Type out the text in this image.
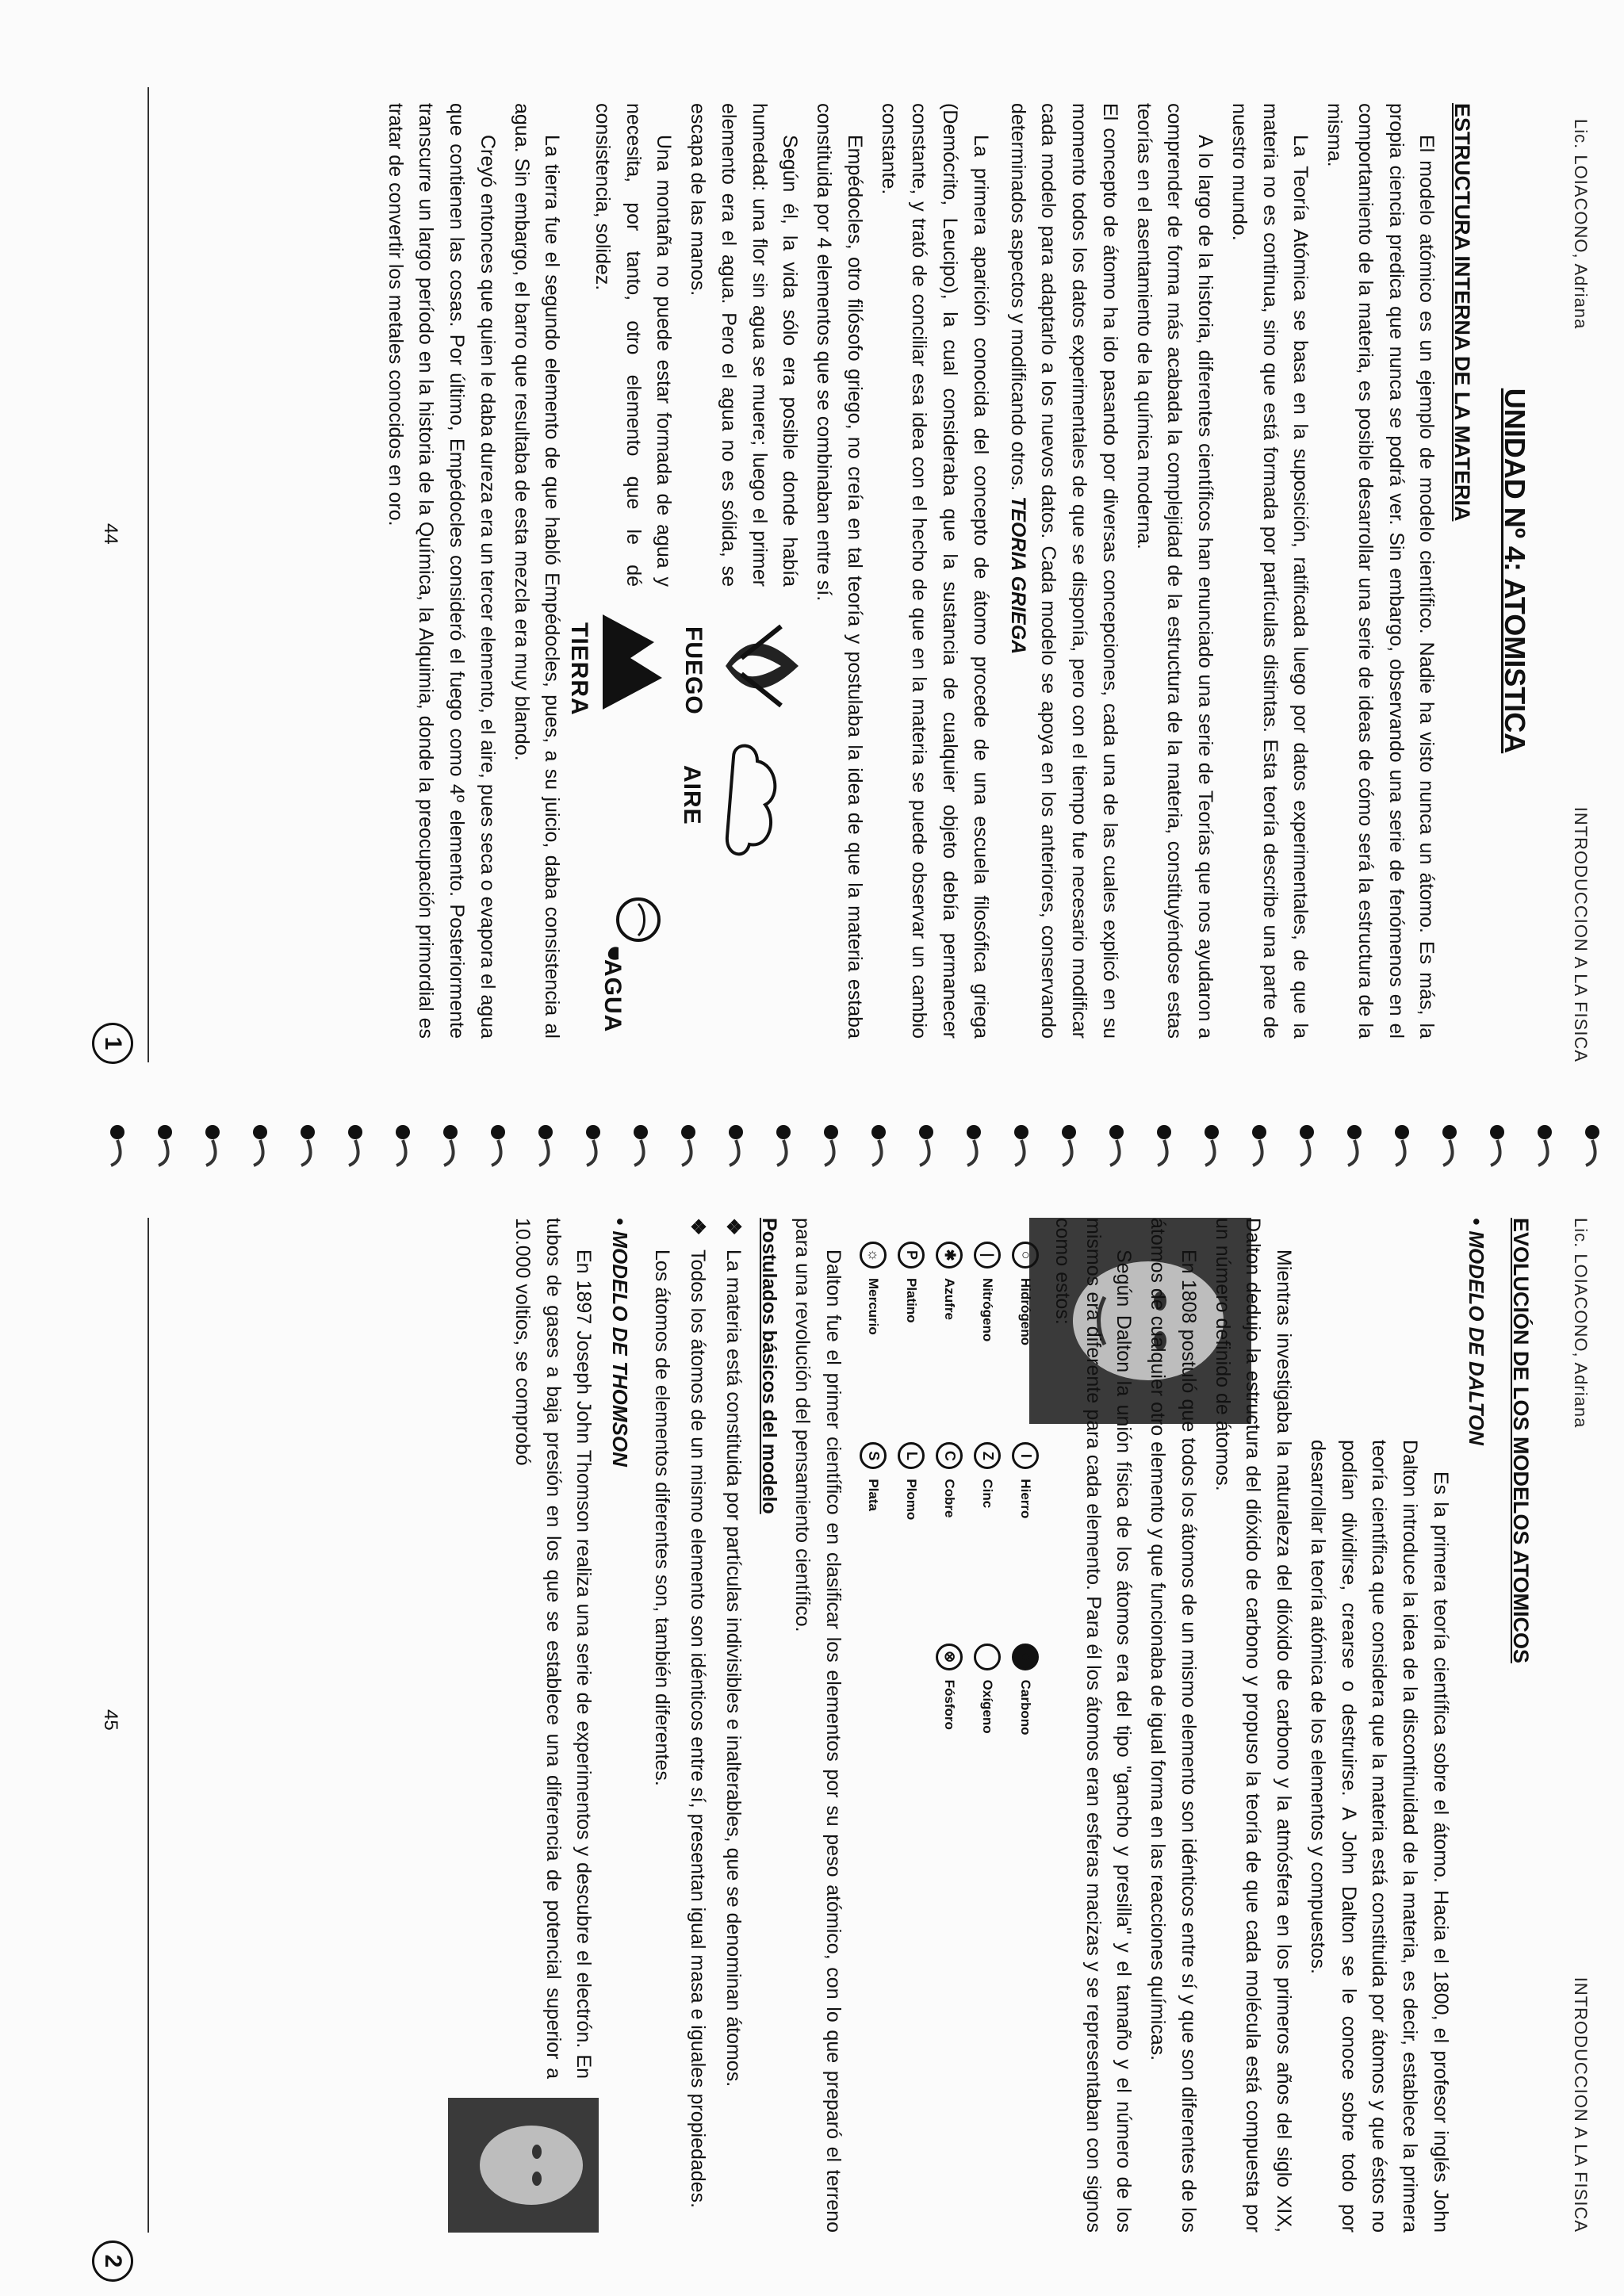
Lic. LOIACONO, Adriana
INTRODUCCION A LA FISICA
UNIDAD Nº 4: ATOMISTICA
ESTRUCTURA INTERNA DE LA MATERIA

El modelo atómico es un ejemplo de modelo científico. Nadie ha visto nunca un átomo. Es más, la propia ciencia predica que nunca se podrá ver. Sin embargo, observando una serie de fenómenos en el comportamiento de la materia, es posible desarrollar una serie de ideas de cómo será la estructura de la misma.

La Teoría Atómica se basa en la suposición, ratificada luego por datos experimentales, de que la materia no es continua, sino que está formada por partículas distintas. Esta teoría describe una parte de nuestro mundo.

A lo largo de la historia, diferentes científicos han enunciado una serie de Teorías que nos ayudaron a comprender de forma más acabada la complejidad de la estructura de la materia, constituyéndose estas teorías en el asentamiento de la química moderna.

El concepto de átomo ha ido pasando por diversas concepciones, cada una de las cuales explicó en su momento todos los datos experimentales de que se disponía, pero con el tiempo fue necesario modificar cada modelo para adaptarlo a los nuevos datos. Cada modelo se apoya en los anteriores, conservando determinados aspectos y modificando otros.

TEORIA GRIEGA

La primera aparición conocida del concepto de átomo procede de una escuela filosófica griega (Demócrito, Leucipo), la cual consideraba que la sustancia de cualquier objeto debía permanecer constante, y trató de conciliar esa idea con el hecho de que en la materia se puede observar un cambio constante.

Empédocles, otro filósofo griego, no creía en tal teoría y postulaba la idea de que la materia estaba constituida por 4 elementos que se combinaban entre sí.

Según él, la vida sólo era posible donde había humedad: una flor sin agua se muere; luego el primer elemento era el agua. Pero el agua no es sólida, se escapa de las manos.

Una montaña no puede estar formada de agua y necesita, por tanto, otro elemento que le dé consistencia, solidez.

FUEGO
AIRE
TIERRA
AGUA

La tierra fue el segundo elemento de que habló Empédocles, pues, a su juicio, daba consistencia al agua. Sin embargo, el barro que resultaba de esta mezcla era muy blando.

Creyó entonces que quien le daba dureza era un tercer elemento, el aire, pues seca o evapora el agua que contienen las cosas. Por último, Empédocles consideró el fuego como 4º elemento. Posteriormente transcurre un largo período en la historia de la Química, la Alquimia, donde la preocupación primordial es tratar de convertir los metales conocidos en oro.

44
1
Lic. LOIACONO, Adriana
INTRODUCCION A LA FISICA
EVOLUCIÓN DE LOS MODELOS ATOMICOS
• MODELO DE DALTON

Es la primera teoría científica sobre el átomo. Hacia el 1800, el profesor inglés John Dalton introduce la idea de la discontinuidad de la materia, es decir, establece la primera teoría científica que considera que la materia está constituida por átomos y que éstos no podían dividirse, crearse o destruirse. A John Dalton se le conoce sobre todo por desarrollar la teoría atómica de los elementos y compuestos.

Mientras investigaba la naturaleza del dióxido de carbono y la atmósfera en los primeros años del siglo XIX, Dalton dedujo la estructura del dióxido de carbono y propuso la teoría de que cada molécula está compuesta por un número definido de átomos.

En 1808 postuló que todos los átomos de un mismo elemento son idénticos entre sí y que son diferentes de los átomos de cualquier otro elemento y que funcionaba de igual forma en las reacciones químicas.

Según Dalton la unión física de los átomos era del tipo "gancho y presilla" y el tamaño y el número de los mismos era diferente para cada elemento. Para él los átomos eran esferas macizas y se representaban con signos como estos:

○
Hidrógeno
I
Hierro
●
Carbono
|
Nitrógeno
Z
Cinc
Oxígeno
✱
Azufre
C
Cobre
⊗
Fósforo
P
Platino
L
Plomo
☼
Mercurio
S
Plata

Dalton fue el primer científico en clasificar los elementos por su peso atómico, con lo que preparó el terreno para una revolución del pensamiento científico.

Postulados básicos del modelo
❖
La materia está constituida por partículas indivisibles e inalterables, que se denominan átomos.
❖
Todos los átomos de un mismo elemento son idénticos entre sí, presentan igual masa e iguales propiedades.
Los átomos de elementos diferentes son, también diferentes.
• MODELO DE THOMSON

En 1897 Joseph John Thomson realiza una serie de experimentos y descubre el electrón. En tubos de gases a baja presión en los que se establece una diferencia de potencial superior a 10.000 voltios, se comprobó

45
2
